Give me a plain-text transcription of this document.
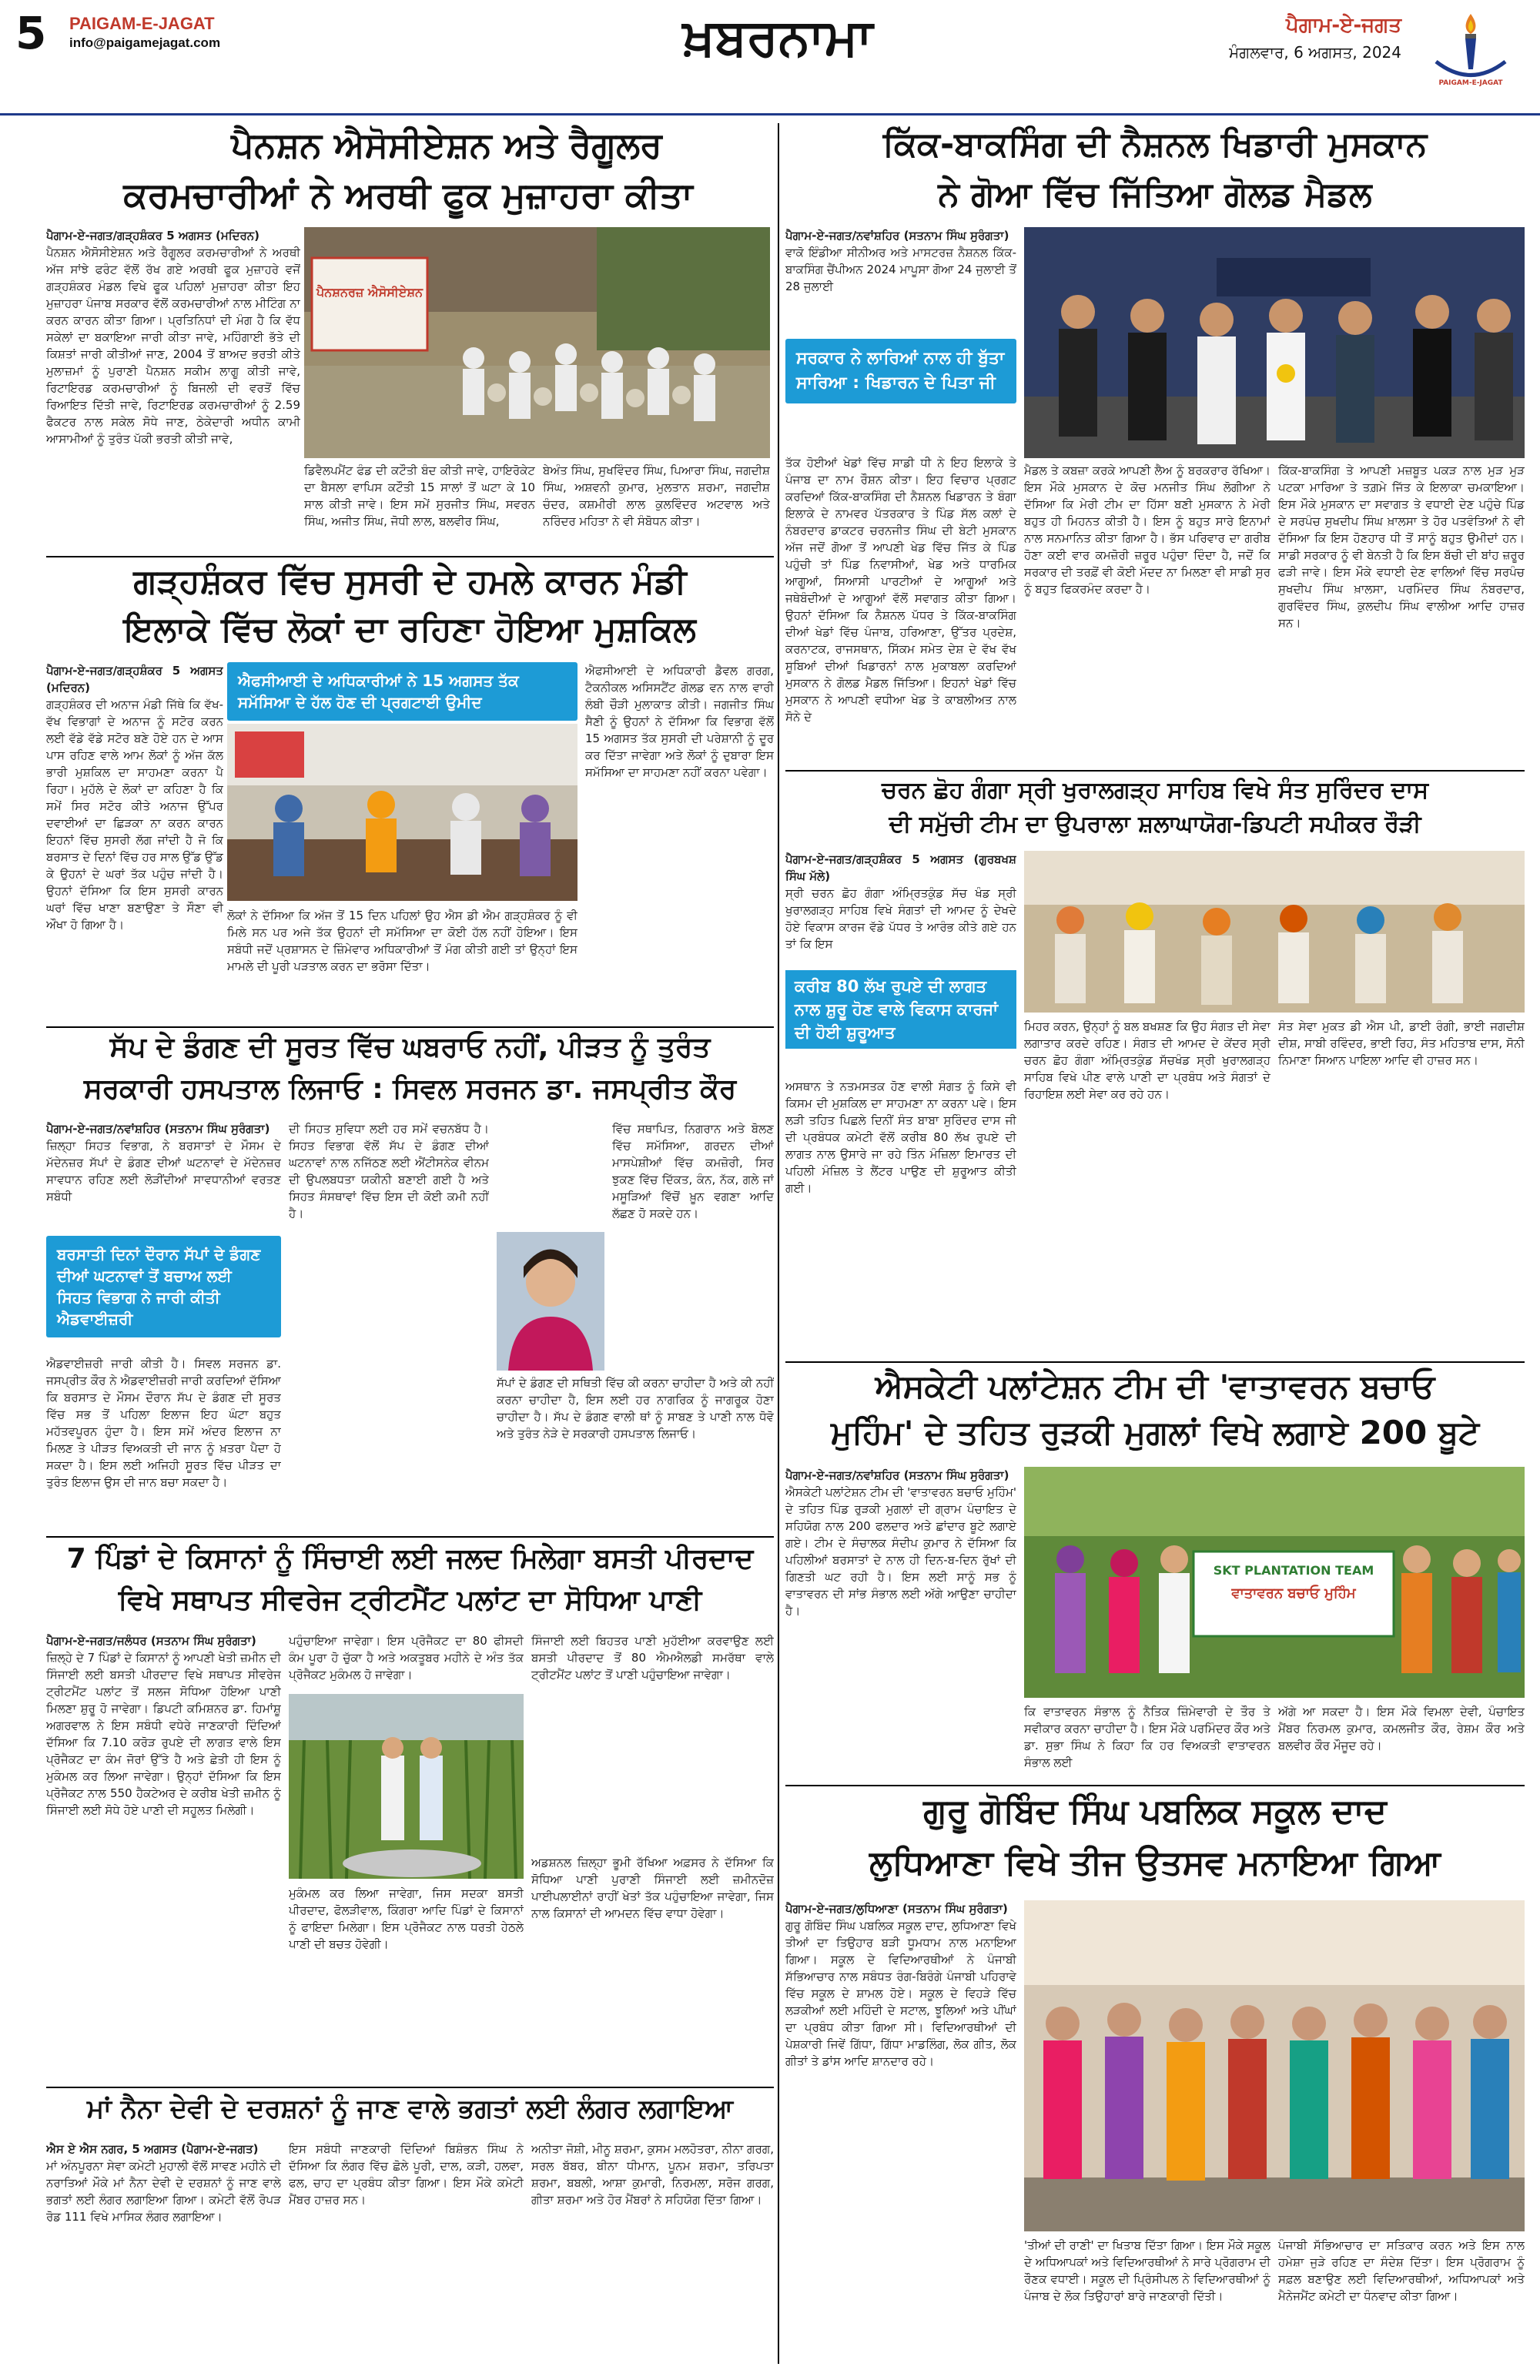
5 PAIGAM-E-JAGAT
info@paigamejagat.com	ਖ਼ਬਰਨਾਮਾ	ਪੈਗਾਮ-ਏ-ਜਗਤ
ਮੰਗਲਵਾਰ, 6 ਅਗਸਤ, 2024
PAIGAM-E-JAGAT
ਪੈਨਸ਼ਨ ਐਸੋਸੀਏਸ਼ਨ ਅਤੇ ਰੈਗੂਲਰ
ਕਰਮਚਾਰੀਆਂ ਨੇ ਅਰਥੀ ਫੂਕ ਮੁਜ਼ਾਹਰਾ ਕੀਤਾ
ਪੈਗਾਮ-ਏ-ਜਗਤ/ਗੜ੍ਹਸ਼ੰਕਰ 5 ਅਗਸਤ (ਮਦਿਰਨ)
ਪੈਨਸ਼ਨ ਐਸੋਸੀਏਸ਼ਨ ਅਤੇ ਰੈਗੂਲਰ ਕਰਮਚਾਰੀਆਂ ਨੇ ਅਰਥੀ ਅੱਜ ਸਾਂਝੇ ਫਰੰਟ ਵੱਲੋਂ ਰੱਖ ਗਏ ਅਰਥੀ ਫੂਕ ਮੁਜ਼ਾਹਰੇ ਵਜੋਂ ਗੜ੍ਹਸ਼ੰਕਰ ਮੰਡਲ ਵਿਖੇ ਫੂਕ ਪਹਿਲਾਂ ਮੁਜ਼ਾਹਰਾ ਕੀਤਾ ਇਹ ਮੁਜ਼ਾਹਰਾ ਪੰਜਾਬ ਸਰਕਾਰ ਵੱਲੋਂ ਕਰਮਚਾਰੀਆਂ ਨਾਲ ਮੀਟਿੰਗ ਨਾ ਕਰਨ ਕਾਰਨ ਕੀਤਾ ਗਿਆ। ਪ੍ਰਤਿਨਿਧਾਂ ਦੀ ਮੰਗ ਹੈ ਕਿ ਵੱਧ ਸਕੇਲਾਂ ਦਾ ਬਕਾਇਆ ਜਾਰੀ ਕੀਤਾ ਜਾਵੇ, ਮਹਿੰਗਾਈ ਭੱਤੇ ਦੀ ਕਿਸ਼ਤਾਂ ਜਾਰੀ ਕੀਤੀਆਂ ਜਾਣ, 2004 ਤੋਂ ਬਾਅਦ ਭਰਤੀ ਕੀਤੇ ਮੁਲਾਜ਼ਮਾਂ ਨੂੰ ਪੁਰਾਣੀ ਪੈਨਸ਼ਨ ਸਕੀਮ ਲਾਗੂ ਕੀਤੀ ਜਾਵੇ, ਰਿਟਾਇਰਡ ਕਰਮਚਾਰੀਆਂ ਨੂੰ ਬਿਜਲੀ ਦੀ ਵਰਤੋਂ ਵਿੱਚ ਰਿਆਇਤ ਦਿੱਤੀ ਜਾਵੇ, ਰਿਟਾਇਰਡ ਕਰਮਚਾਰੀਆਂ ਨੂੰ 2.59 ਫੈਕਟਰ ਨਾਲ ਸਕੇਲ ਸੋਧੇ ਜਾਣ, ਠੇਕੇਦਾਰੀ ਅਧੀਨ ਕਾਮੀ ਆਸਾਮੀਆਂ ਨੂੰ ਤੁਰੰਤ ਪੱਕੀ ਭਰਤੀ ਕੀਤੀ ਜਾਵੇ,
ਪੈਨਸ਼ਨਰਜ਼ ਐਸੋਸੀਏਸ਼ਨ
ਡਿਵੈਲਪਮੈਂਟ ਫੰਡ ਦੀ ਕਟੌਤੀ ਬੰਦ ਕੀਤੀ ਜਾਵੇ, ਹਾਇਰੋਕੇਟ ਦਾ ਬੈਸਲਾ ਵਾਪਿਸ ਕਟੌਤੀ 15 ਸਾਲਾਂ ਤੋਂ ਘਟਾ ਕੇ 10 ਸਾਲ ਕੀਤੀ ਜਾਵੇ। ਇਸ ਸਮੇਂ ਸੁਰਜੀਤ ਸਿੰਘ, ਸਵਰਨ ਸਿੰਘ, ਅਜੀਤ ਸਿੰਘ, ਜੋਧੀ ਲਾਲ, ਬਲਵੀਰ ਸਿੰਘ,
ਬੇਅੰਤ ਸਿੰਘ, ਸੁਖਵਿੰਦਰ ਸਿੰਘ, ਪਿਆਰਾ ਸਿੰਘ, ਜਗਦੀਸ਼ ਸਿੰਘ, ਅਸ਼ਵਨੀ ਕੁਮਾਰ, ਮੁਲਤਾਨ ਸ਼ਰਮਾ, ਜਗਦੀਸ਼ ਚੰਦਰ, ਕਸ਼ਮੀਰੀ ਲਾਲ ਕੁਲਵਿੰਦਰ ਅਟਵਾਲ ਅਤੇ ਨਰਿੰਦਰ ਮਹਿਤਾ ਨੇ ਵੀ ਸੰਬੋਧਨ ਕੀਤਾ।
ਗੜ੍ਹਸ਼ੰਕਰ ਵਿੱਚ ਸੁਸਰੀ ਦੇ ਹਮਲੇ ਕਾਰਨ ਮੰਡੀ
ਇਲਾਕੇ ਵਿੱਚ ਲੋਕਾਂ ਦਾ ਰਹਿਣਾ ਹੋਇਆ ਮੁਸ਼ਕਿਲ
ਪੈਗਾਮ-ਏ-ਜਗਤ/ਗੜ੍ਹਸ਼ੰਕਰ 5 ਅਗਸਤ (ਮਦਿਰਨ)
ਗੜ੍ਹਸ਼ੰਕਰ ਦੀ ਅਨਾਜ ਮੰਡੀ ਜਿੱਥੇ ਕਿ ਵੱਖ-ਵੱਖ ਵਿਭਾਗਾਂ ਦੇ ਅਨਾਜ ਨੂੰ ਸਟੋਰ ਕਰਨ ਲਈ ਵੱਡੇ ਵੱਡੇ ਸਟੋਰ ਬਣੇ ਹੋਏ ਹਨ ਦੇ ਆਸ ਪਾਸ ਰਹਿਣ ਵਾਲੇ ਆਮ ਲੋਕਾਂ ਨੂੰ ਅੱਜ ਕੱਲ ਭਾਰੀ ਮੁਸ਼ਕਿਲ ਦਾ ਸਾਹਮਣਾ ਕਰਨਾ ਪੈ ਰਿਹਾ। ਮੁਹੱਲੇ ਦੇ ਲੋਕਾਂ ਦਾ ਕਹਿਣਾ ਹੈ ਕਿ ਸਮੇਂ ਸਿਰ ਸਟੋਰ ਕੀਤੇ ਅਨਾਜ ਉੱਪਰ ਦਵਾਈਆਂ ਦਾ ਛਿੜਕਾ ਨਾ ਕਰਨ ਕਾਰਨ ਇਹਨਾਂ ਵਿੱਚ ਸੁਸਰੀ ਲੱਗ ਜਾਂਦੀ ਹੈ ਜੋ ਕਿ ਬਰਸਾਤ ਦੇ ਦਿਨਾਂ ਵਿੱਚ ਹਰ ਸਾਲ ਉੱਡ ਉੱਡ ਕੇ ਉਹਨਾਂ ਦੇ ਘਰਾਂ ਤੱਕ ਪਹੁੰਚ ਜਾਂਦੀ ਹੈ। ਉਹਨਾਂ ਦੱਸਿਆ ਕਿ ਇਸ ਸੁਸਰੀ ਕਾਰਨ ਘਰਾਂ ਵਿੱਚ ਖਾਣਾ ਬਣਾਉਣਾ ਤੇ ਸੌਣਾ ਵੀ ਔਖਾ ਹੋ ਗਿਆ ਹੈ।
ਐਫਸੀਆਈ ਦੇ ਅਧਿਕਾਰੀਆਂ ਨੇ 15 ਅਗਸਤ ਤੱਕ ਸਮੱਸਿਆ ਦੇ ਹੱਲ ਹੋਣ ਦੀ ਪ੍ਰਗਟਾਈ ਉਮੀਦ
ਐਫਸੀਆਈ ਦੇ ਅਧਿਕਾਰੀ ਡੈਵਲ ਗਰਗ, ਟੈਕਨੀਕਲ ਅਸਿਸਟੈਂਟ ਗੋਲਡ ਵਨ ਨਾਲ ਵਾਰੀ ਲੰਬੀ ਚੌੜੀ ਮੁਲਾਕਾਤ ਕੀਤੀ। ਜਗਜੀਤ ਸਿੰਘ ਸੈਣੀ ਨੂੰ ਉਹਨਾਂ ਨੇ ਦੱਸਿਆ ਕਿ ਵਿਭਾਗ ਵੱਲੋਂ 15 ਅਗਸਤ ਤੱਕ ਸੁਸਰੀ ਦੀ ਪਰੇਸ਼ਾਨੀ ਨੂੰ ਦੂਰ ਕਰ ਦਿੱਤਾ ਜਾਵੇਗਾ ਅਤੇ ਲੋਕਾਂ ਨੂੰ ਦੁਬਾਰਾ ਇਸ ਸਮੱਸਿਆ ਦਾ ਸਾਹਮਣਾ ਨਹੀਂ ਕਰਨਾ ਪਵੇਗਾ।
ਲੋਕਾਂ ਨੇ ਦੱਸਿਆ ਕਿ ਅੱਜ ਤੋਂ 15 ਦਿਨ ਪਹਿਲਾਂ ਉਹ ਐਸ ਡੀ ਐਮ ਗੜ੍ਹਸ਼ੰਕਰ ਨੂੰ ਵੀ ਮਿਲੇ ਸਨ ਪਰ ਅਜੇ ਤੱਕ ਉਹਨਾਂ ਦੀ ਸਮੱਸਿਆ ਦਾ ਕੋਈ ਹੱਲ ਨਹੀਂ ਹੋਇਆ। ਇਸ ਸਬੰਧੀ ਜਦੋਂ ਪ੍ਰਸ਼ਾਸਨ ਦੇ ਜ਼ਿੰਮੇਵਾਰ ਅਧਿਕਾਰੀਆਂ ਤੋਂ ਮੰਗ ਕੀਤੀ ਗਈ ਤਾਂ ਉਨ੍ਹਾਂ ਇਸ ਮਾਮਲੇ ਦੀ ਪੂਰੀ ਪੜਤਾਲ ਕਰਨ ਦਾ ਭਰੋਸਾ ਦਿੱਤਾ।
ਸੱਪ ਦੇ ਡੰਗਣ ਦੀ ਸੂਰਤ ਵਿੱਚ ਘਬਰਾਓ ਨਹੀਂ, ਪੀੜਤ ਨੂੰ ਤੁਰੰਤ
ਸਰਕਾਰੀ ਹਸਪਤਾਲ ਲਿਜਾਓ : ਸਿਵਲ ਸਰਜਨ ਡਾ. ਜਸਪ੍ਰੀਤ ਕੌਰ
ਪੈਗਾਮ-ਏ-ਜਗਤ/ਨਵਾਂਸ਼ਹਿਰ (ਸਤਨਾਮ ਸਿੰਘ ਸੁਰੰਗਤਾ)
ਜ਼ਿਲ੍ਹਾ ਸਿਹਤ ਵਿਭਾਗ, ਨੇ ਬਰਸਾਤਾਂ ਦੇ ਮੌਸਮ ਦੇ ਮੱਦੇਨਜ਼ਰ ਸੱਪਾਂ ਦੇ ਡੰਗਣ ਦੀਆਂ ਘਟਨਾਵਾਂ ਦੇ ਮੱਦੇਨਜ਼ਰ ਸਾਵਧਾਨ ਰਹਿਣ ਲਈ ਲੋੜੀਂਦੀਆਂ ਸਾਵਧਾਨੀਆਂ ਵਰਤਣ ਸਬੰਧੀ
ਬਰਸਾਤੀ ਦਿਨਾਂ ਦੌਰਾਨ ਸੱਪਾਂ ਦੇ ਡੰਗਣ ਦੀਆਂ ਘਟਨਾਵਾਂ ਤੋਂ ਬਚਾਅ ਲਈ ਸਿਹਤ ਵਿਭਾਗ ਨੇ ਜਾਰੀ ਕੀਤੀ ਐਡਵਾਈਜ਼ਰੀ
ਐਡਵਾਈਜ਼ਰੀ ਜਾਰੀ ਕੀਤੀ ਹੈ। ਸਿਵਲ ਸਰਜਨ ਡਾ. ਜਸਪ੍ਰੀਤ ਕੌਰ ਨੇ ਐਡਵਾਈਜ਼ਰੀ ਜਾਰੀ ਕਰਦਿਆਂ ਦੱਸਿਆ ਕਿ ਬਰਸਾਤ ਦੇ ਮੌਸਮ ਦੌਰਾਨ ਸੱਪ ਦੇ ਡੰਗਣ ਦੀ ਸੂਰਤ ਵਿੱਚ ਸਭ ਤੋਂ ਪਹਿਲਾ ਇਲਾਜ ਇਹ ਘੰਟਾ ਬਹੁਤ ਮਹੱਤਵਪੂਰਨ ਹੁੰਦਾ ਹੈ। ਇਸ ਸਮੇਂ ਅੰਦਰ ਇਲਾਜ ਨਾ ਮਿਲਣ ਤੇ ਪੀੜਤ ਵਿਅਕਤੀ ਦੀ ਜਾਨ ਨੂੰ ਖ਼ਤਰਾ ਪੈਦਾ ਹੋ ਸਕਦਾ ਹੈ। ਇਸ ਲਈ ਅਜਿਹੀ ਸੂਰਤ ਵਿੱਚ ਪੀੜਤ ਦਾ ਤੁਰੰਤ ਇਲਾਜ ਉਸ ਦੀ ਜਾਨ ਬਚਾ ਸਕਦਾ ਹੈ।
ਦੀ ਸਿਹਤ ਸੁਵਿਧਾ ਲਈ ਹਰ ਸਮੇਂ ਵਚਨਬੱਧ ਹੈ। ਸਿਹਤ ਵਿਭਾਗ ਵੱਲੋਂ ਸੱਪ ਦੇ ਡੰਗਣ ਦੀਆਂ ਘਟਨਾਵਾਂ ਨਾਲ ਨਜਿੱਠਣ ਲਈ ਐਂਟੀਸਨੇਕ ਵੀਨਮ ਦੀ ਉਪਲਬਧਤਾ ਯਕੀਨੀ ਬਣਾਈ ਗਈ ਹੈ ਅਤੇ ਸਿਹਤ ਸੰਸਥਾਵਾਂ ਵਿੱਚ ਇਸ ਦੀ ਕੋਈ ਕਮੀ ਨਹੀਂ ਹੈ।
ਵਿੱਚ ਸਥਾਪਿਤ, ਨਿਗਰਾਨ ਅਤੇ ਬੋਲਣ ਵਿੱਚ ਸਮੱਸਿਆ, ਗਰਦਨ ਦੀਆਂ ਮਾਸਪੇਸ਼ੀਆਂ ਵਿੱਚ ਕਮਜ਼ੋਰੀ, ਸਿਰ ਝੁਕਣ ਵਿੱਚ ਦਿੱਕਤ, ਕੰਨ, ਨੱਕ, ਗਲੇ ਜਾਂ ਮਸੂੜਿਆਂ ਵਿੱਚੋਂ ਖ਼ੂਨ ਵਗਣਾ ਆਦਿ ਲੱਛਣ ਹੋ ਸਕਦੇ ਹਨ।
ਸੱਪਾਂ ਦੇ ਡੰਗਣ ਦੀ ਸਥਿਤੀ ਵਿੱਚ ਕੀ ਕਰਨਾ ਚਾਹੀਦਾ ਹੈ ਅਤੇ ਕੀ ਨਹੀਂ ਕਰਨਾ ਚਾਹੀਦਾ ਹੈ, ਇਸ ਲਈ ਹਰ ਨਾਗਰਿਕ ਨੂੰ ਜਾਗਰੂਕ ਹੋਣਾ ਚਾਹੀਦਾ ਹੈ। ਸੱਪ ਦੇ ਡੰਗਣ ਵਾਲੀ ਥਾਂ ਨੂੰ ਸਾਬਣ ਤੇ ਪਾਣੀ ਨਾਲ ਧੋਵੋ ਅਤੇ ਤੁਰੰਤ ਨੇੜੇ ਦੇ ਸਰਕਾਰੀ ਹਸਪਤਾਲ ਲਿਜਾਓ।
7 ਪਿੰਡਾਂ ਦੇ ਕਿਸਾਨਾਂ ਨੂੰ ਸਿੰਚਾਈ ਲਈ ਜਲਦ ਮਿਲੇਗਾ ਬਸਤੀ ਪੀਰਦਾਦ
ਵਿਖੇ ਸਥਾਪਤ ਸੀਵਰੇਜ ਟ੍ਰੀਟਮੈਂਟ ਪਲਾਂਟ ਦਾ ਸੋਧਿਆ ਪਾਣੀ
ਪੈਗਾਮ-ਏ-ਜਗਤ/ਜਲੰਧਰ (ਸਤਨਾਮ ਸਿੰਘ ਸੁਰੰਗਤਾ)
ਜ਼ਿਲ੍ਹੇ ਦੇ 7 ਪਿੰਡਾਂ ਦੇ ਕਿਸਾਨਾਂ ਨੂੰ ਆਪਣੀ ਖੇਤੀ ਜ਼ਮੀਨ ਦੀ ਸਿੰਜਾਈ ਲਈ ਬਸਤੀ ਪੀਰਦਾਦ ਵਿਖੇ ਸਥਾਪਤ ਸੀਵਰੇਜ ਟ੍ਰੀਟਮੈਂਟ ਪਲਾਂਟ ਤੋਂ ਸਲਜ ਸੋਧਿਆ ਹੋਇਆ ਪਾਣੀ ਮਿਲਣਾ ਸ਼ੁਰੂ ਹੋ ਜਾਵੇਗਾ। ਡਿਪਟੀ ਕਮਿਸ਼ਨਰ ਡਾ. ਹਿਮਾਂਸ਼ੂ ਅਗਰਵਾਲ ਨੇ ਇਸ ਸਬੰਧੀ ਵਧੇਰੇ ਜਾਣਕਾਰੀ ਦਿੰਦਿਆਂ ਦੱਸਿਆ ਕਿ 7.10 ਕਰੋੜ ਰੁਪਏ ਦੀ ਲਾਗਤ ਵਾਲੇ ਇਸ ਪ੍ਰੋਜੈਕਟ ਦਾ ਕੰਮ ਜੋਰਾਂ ਉੱਤੇ ਹੈ ਅਤੇ ਛੇਤੀ ਹੀ ਇਸ ਨੂੰ ਮੁਕੰਮਲ ਕਰ ਲਿਆ ਜਾਵੇਗਾ। ਉਨ੍ਹਾਂ ਦੱਸਿਆ ਕਿ ਇਸ ਪ੍ਰੋਜੈਕਟ ਨਾਲ 550 ਹੈਕਟੇਅਰ ਦੇ ਕਰੀਬ ਖੇਤੀ ਜ਼ਮੀਨ ਨੂੰ ਸਿੰਜਾਈ ਲਈ ਸੋਧੇ ਹੋਏ ਪਾਣੀ ਦੀ ਸਹੂਲਤ ਮਿਲੇਗੀ।
ਪਹੁੰਚਾਇਆ ਜਾਵੇਗਾ। ਇਸ ਪ੍ਰੋਜੈਕਟ ਦਾ 80 ਫੀਸਦੀ ਕੰਮ ਪੂਰਾ ਹੋ ਚੁੱਕਾ ਹੈ ਅਤੇ ਅਕਤੂਬਰ ਮਹੀਨੇ ਦੇ ਅੰਤ ਤੱਕ ਪ੍ਰੋਜੈਕਟ ਮੁਕੰਮਲ ਹੋ ਜਾਵੇਗਾ।
ਸਿੰਜਾਈ ਲਈ ਬਿਹਤਰ ਪਾਣੀ ਮੁਹੱਈਆ ਕਰਵਾਉਣ ਲਈ ਬਸਤੀ ਪੀਰਦਾਦ ਤੋਂ 80 ਐਮਐਲਡੀ ਸਮਰੱਥਾ ਵਾਲੇ ਟ੍ਰੀਟਮੈਂਟ ਪਲਾਂਟ ਤੋਂ ਪਾਣੀ ਪਹੁੰਚਾਇਆ ਜਾਵੇਗਾ।
ਮੁਕੰਮਲ ਕਰ ਲਿਆ ਜਾਵੇਗਾ, ਜਿਸ ਸਦਕਾ ਬਸਤੀ ਪੀਰਦਾਦ, ਫੋਲੜੀਵਾਲ, ਕਿੰਗਰਾ ਆਦਿ ਪਿੰਡਾਂ ਦੇ ਕਿਸਾਨਾਂ ਨੂੰ ਫਾਇਦਾ ਮਿਲੇਗਾ। ਇਸ ਪ੍ਰੋਜੈਕਟ ਨਾਲ ਧਰਤੀ ਹੇਠਲੇ ਪਾਣੀ ਦੀ ਬਚਤ ਹੋਵੇਗੀ।
ਅਡਸ਼ਨਲ ਜ਼ਿਲ੍ਹਾ ਭੂਮੀ ਰੱਖਿਆ ਅਫ਼ਸਰ ਨੇ ਦੱਸਿਆ ਕਿ ਸੋਧਿਆ ਪਾਣੀ ਪੁਰਾਣੀ ਸਿੰਜਾਈ ਲਈ ਜ਼ਮੀਨਦੋਜ਼ ਪਾਈਪਲਾਈਨਾਂ ਰਾਹੀਂ ਖੇਤਾਂ ਤੱਕ ਪਹੁੰਚਾਇਆ ਜਾਵੇਗਾ, ਜਿਸ ਨਾਲ ਕਿਸਾਨਾਂ ਦੀ ਆਮਦਨ ਵਿੱਚ ਵਾਧਾ ਹੋਵੇਗਾ।
ਮਾਂ ਨੈਨਾ ਦੇਵੀ ਦੇ ਦਰਸ਼ਨਾਂ ਨੂੰ ਜਾਣ ਵਾਲੇ ਭਗਤਾਂ ਲਈ ਲੰਗਰ ਲਗਾਇਆ
ਐਸ ਏ ਐਸ ਨਗਰ, 5 ਅਗਸਤ (ਪੈਗਾਮ-ਏ-ਜਗਤ)
ਮਾਂ ਅੰਨਪੂਰਨਾ ਸੇਵਾ ਕਮੇਟੀ ਮੁਹਾਲੀ ਵੱਲੋਂ ਸਾਵਣ ਮਹੀਨੇ ਦੀ ਨਰਾਤਿਆਂ ਮੌਕੇ ਮਾਂ ਨੈਨਾ ਦੇਵੀ ਦੇ ਦਰਸ਼ਨਾਂ ਨੂੰ ਜਾਣ ਵਾਲੇ ਭਗਤਾਂ ਲਈ ਲੰਗਰ ਲਗਾਇਆ ਗਿਆ। ਕਮੇਟੀ ਵੱਲੋਂ ਰੋਪੜ ਰੋਡ 111 ਵਿਖੇ ਮਾਸਿਕ ਲੰਗਰ ਲਗਾਇਆ।
ਇਸ ਸਬੰਧੀ ਜਾਣਕਾਰੀ ਦਿੰਦਿਆਂ ਬਿਸ਼ੰਭਨ ਸਿੰਘ ਨੇ ਦੱਸਿਆ ਕਿ ਲੰਗਰ ਵਿੱਚ ਛੋਲੇ ਪੂਰੀ, ਦਾਲ, ਕੜੀ, ਹਲਵਾ, ਫਲ, ਚਾਹ ਦਾ ਪ੍ਰਬੰਧ ਕੀਤਾ ਗਿਆ। ਇਸ ਮੌਕੇ ਕਮੇਟੀ ਮੈਂਬਰ ਹਾਜ਼ਰ ਸਨ।
ਅਨੀਤਾ ਜੋਸ਼ੀ, ਮੀਨੂ ਸ਼ਰਮਾ, ਕੁਸਮ ਮਲਹੋਤਰਾ, ਨੀਨਾ ਗਰਗ, ਸਰਲ ਬੱਬਰ, ਬੀਨਾ ਧੀਮਾਨ, ਪੂਨਮ ਸ਼ਰਮਾ, ਤਰਿਪਤਾ ਸ਼ਰਮਾ, ਬਬਲੀ, ਆਸ਼ਾ ਕੁਮਾਰੀ, ਨਿਰਮਲਾ, ਸਰੋਜ ਗਰਗ, ਗੀਤਾ ਸ਼ਰਮਾ ਅਤੇ ਹੋਰ ਮੈਂਬਰਾਂ ਨੇ ਸਹਿਯੋਗ ਦਿੱਤਾ ਗਿਆ।
ਕਿੱਕ-ਬਾਕਸਿੰਗ ਦੀ ਨੈਸ਼ਨਲ ਖਿਡਾਰੀ ਮੁਸਕਾਨ
ਨੇ ਗੋਆ ਵਿੱਚ ਜਿੱਤਿਆ ਗੋਲਡ ਮੈਡਲ
ਪੈਗਾਮ-ਏ-ਜਗਤ/ਨਵਾਂਸ਼ਹਿਰ (ਸਤਨਾਮ ਸਿੰਘ ਸੁਰੰਗਤਾ)
ਵਾਕੋ ਇੰਡੀਆ ਸੀਨੀਅਰ ਅਤੇ ਮਾਸਟਰਜ਼ ਨੈਸ਼ਨਲ ਕਿੱਕ-ਬਾਕਸਿੰਗ ਚੈਂਪੀਅਨ 2024 ਮਾਪੂਸਾ ਗੋਆ 24 ਜੁਲਾਈ ਤੋਂ 28 ਜੁਲਾਈ
ਸਰਕਾਰ ਨੇ ਲਾਰਿਆਂ ਨਾਲ ਹੀ ਬੁੱਤਾ ਸਾਰਿਆ : ਖਿਡਾਰਨ ਦੇ ਪਿਤਾ ਜੀ
ਤੱਕ ਹੋਈਆਂ ਖੇਡਾਂ ਵਿੱਚ ਸਾਡੀ ਧੀ ਨੇ ਇਹ ਇਲਾਕੇ ਤੇ ਪੰਜਾਬ ਦਾ ਨਾਮ ਰੌਸ਼ਨ ਕੀਤਾ। ਇਹ ਵਿਚਾਰ ਪ੍ਰਗਟ ਕਰਦਿਆਂ ਕਿੱਕ-ਬਾਕਸਿੰਗ ਦੀ ਨੈਸ਼ਨਲ ਖਿਡਾਰਨ ਤੇ ਬੰਗਾ ਇਲਾਕੇ ਦੇ ਨਾਮਵਰ ਪੱਤਰਕਾਰ ਤੇ ਪਿੰਡ ਸੱਲ ਕਲਾਂ ਦੇ ਨੰਬਰਦਾਰ ਡਾਕਟਰ ਚਰਨਜੀਤ ਸਿੰਘ ਦੀ ਬੇਟੀ ਮੁਸਕਾਨ ਅੱਜ ਜਦੋਂ ਗੋਆ ਤੋਂ ਆਪਣੀ ਖੇਡ ਵਿੱਚ ਜਿੱਤ ਕੇ ਪਿੰਡ ਪਹੁੰਚੀ ਤਾਂ ਪਿੰਡ ਨਿਵਾਸੀਆਂ, ਖੇਡ ਅਤੇ ਧਾਰਮਿਕ ਆਗੂਆਂ, ਸਿਆਸੀ ਪਾਰਟੀਆਂ ਦੇ ਆਗੂਆਂ ਅਤੇ ਜਥੇਬੰਦੀਆਂ ਦੇ ਆਗੂਆਂ ਵੱਲੋਂ ਸਵਾਗਤ ਕੀਤਾ ਗਿਆ। ਉਹਨਾਂ ਦੱਸਿਆ ਕਿ ਨੈਸ਼ਨਲ ਪੱਧਰ ਤੇ ਕਿੱਕ-ਬਾਕਸਿੰਗ ਦੀਆਂ ਖੇਡਾਂ ਵਿੱਚ ਪੰਜਾਬ, ਹਰਿਆਣਾ, ਉੱਤਰ ਪ੍ਰਦੇਸ਼, ਕਰਨਾਟਕ, ਰਾਜਸਥਾਨ, ਸਿੱਕਮ ਸਮੇਤ ਦੇਸ਼ ਦੇ ਵੱਖ ਵੱਖ ਸੂਬਿਆਂ ਦੀਆਂ ਖਿਡਾਰਨਾਂ ਨਾਲ ਮੁਕਾਬਲਾ ਕਰਦਿਆਂ ਮੁਸਕਾਨ ਨੇ ਗੋਲਡ ਮੈਡਲ ਜਿੱਤਿਆ। ਇਹਨਾਂ ਖੇਡਾਂ ਵਿੱਚ ਮੁਸਕਾਨ ਨੇ ਆਪਣੀ ਵਧੀਆ ਖੇਡ ਤੇ ਕਾਬਲੀਅਤ ਨਾਲ ਸੋਨੇ ਦੇ
ਮੈਡਲ ਤੇ ਕਬਜ਼ਾ ਕਰਕੇ ਆਪਣੀ ਲੈਅ ਨੂੰ ਬਰਕਰਾਰ ਰੱਖਿਆ। ਇਸ ਮੌਕੇ ਮੁਸਕਾਨ ਦੇ ਕੋਚ ਮਨਜੀਤ ਸਿੰਘ ਲੋਗੀਆ ਨੇ ਦੱਸਿਆ ਕਿ ਮੇਰੀ ਟੀਮ ਦਾ ਹਿੱਸਾ ਬਣੀ ਮੁਸਕਾਨ ਨੇ ਮੇਰੀ ਬਹੁਤ ਹੀ ਮਿਹਨਤ ਕੀਤੀ ਹੈ। ਇਸ ਨੂੰ ਬਹੁਤ ਸਾਰੇ ਇਨਾਮਾਂ ਨਾਲ ਸਨਮਾਨਿਤ ਕੀਤਾ ਗਿਆ ਹੈ। ਭੱਸ ਪਰਿਵਾਰ ਦਾ ਗਰੀਬ ਹੋਣਾ ਕਈ ਵਾਰ ਕਮਜ਼ੋਰੀ ਜ਼ਰੂਰ ਪਹੁੰਚਾ ਦਿੰਦਾ ਹੈ, ਜਦੋਂ ਕਿ ਸਰਕਾਰ ਦੀ ਤਰਫ਼ੋਂ ਵੀ ਕੋਈ ਮੱਦਦ ਨਾ ਮਿਲਣਾ ਵੀ ਸਾਡੀ ਸੁਰ ਨੂੰ ਬਹੁਤ ਫਿਕਰਮੰਦ ਕਰਦਾ ਹੈ।
ਕਿੱਕ-ਬਾਕਸਿੰਗ ਤੇ ਆਪਣੀ ਮਜ਼ਬੂਤ ਪਕੜ ਨਾਲ ਮੁੜ ਮੁੜ ਪਟਕਾ ਮਾਰਿਆ ਤੇ ਤਗ਼ਮੇ ਜਿੱਤ ਕੇ ਇਲਾਕਾ ਚਮਕਾਇਆ। ਇਸ ਮੌਕੇ ਮੁਸਕਾਨ ਦਾ ਸਵਾਗਤ ਤੇ ਵਧਾਈ ਦੇਣ ਪਹੁੰਚੇ ਪਿੰਡ ਦੇ ਸਰਪੰਚ ਸੁਖਦੀਪ ਸਿੰਘ ਖ਼ਾਲਸਾ ਤੇ ਹੋਰ ਪਤਵੰਤਿਆਂ ਨੇ ਵੀ ਦੱਸਿਆ ਕਿ ਇਸ ਹੋਣਹਾਰ ਧੀ ਤੋਂ ਸਾਨੂੰ ਬਹੁਤ ਉਮੀਦਾਂ ਹਨ। ਸਾਡੀ ਸਰਕਾਰ ਨੂੰ ਵੀ ਬੇਨਤੀ ਹੈ ਕਿ ਇਸ ਬੱਚੀ ਦੀ ਬਾਂਹ ਜ਼ਰੂਰ ਫੜੀ ਜਾਵੇ। ਇਸ ਮੌਕੇ ਵਧਾਈ ਦੇਣ ਵਾਲਿਆਂ ਵਿੱਚ ਸਰਪੰਚ ਸੁਖਦੀਪ ਸਿੰਘ ਖ਼ਾਲਸਾ, ਪਰਮਿੰਦਰ ਸਿੰਘ ਨੰਬਰਦਾਰ, ਗੁਰਵਿੰਦਰ ਸਿੰਘ, ਕੁਲਦੀਪ ਸਿੰਘ ਵਾਲੀਆ ਆਦਿ ਹਾਜ਼ਰ ਸਨ।
ਚਰਨ ਛੋਹ ਗੰਗਾ ਸ੍ਰੀ ਖੁਰਾਲਗੜ੍ਹ ਸਾਹਿਬ ਵਿਖੇ ਸੰਤ ਸੁਰਿੰਦਰ ਦਾਸ
ਦੀ ਸਮੁੱਚੀ ਟੀਮ ਦਾ ਉਪਰਾਲਾ ਸ਼ਲਾਘਾਯੋਗ-ਡਿਪਟੀ ਸਪੀਕਰ ਰੌੜੀ
ਪੈਗਾਮ-ਏ-ਜਗਤ/ਗੜ੍ਹਸ਼ੰਕਰ 5 ਅਗਸਤ (ਗੁਰਬਖਸ਼ ਸਿੰਘ ਮੱਲੇ)
ਸ੍ਰੀ ਚਰਨ ਛੋਹ ਗੰਗਾ ਅੰਮ੍ਰਿਤਕੁੰਡ ਸੱਚ ਖੰਡ ਸ੍ਰੀ ਖੁਰਾਲਗੜ੍ਹ ਸਾਹਿਬ ਵਿਖੇ ਸੰਗਤਾਂ ਦੀ ਆਮਦ ਨੂੰ ਦੇਖਦੇ ਹੋਏ ਵਿਕਾਸ ਕਾਰਜ ਵੱਡੇ ਪੱਧਰ ਤੇ ਆਰੰਭ ਕੀਤੇ ਗਏ ਹਨ ਤਾਂ ਕਿ ਇਸ
ਕਰੀਬ 80 ਲੱਖ ਰੁਪਏ ਦੀ ਲਾਗਤ ਨਾਲ ਸ਼ੁਰੂ ਹੋਣ ਵਾਲੇ ਵਿਕਾਸ ਕਾਰਜਾਂ ਦੀ ਹੋਈ ਸ਼ੁਰੂਆਤ
ਅਸਥਾਨ ਤੇ ਨਤਮਸਤਕ ਹੋਣ ਵਾਲੀ ਸੰਗਤ ਨੂੰ ਕਿਸੇ ਵੀ ਕਿਸਮ ਦੀ ਮੁਸ਼ਕਿਲ ਦਾ ਸਾਹਮਣਾ ਨਾ ਕਰਨਾ ਪਵੇ। ਇਸ ਲੜੀ ਤਹਿਤ ਪਿਛਲੇ ਦਿਨੀਂ ਸੰਤ ਬਾਬਾ ਸੁਰਿੰਦਰ ਦਾਸ ਜੀ ਦੀ ਪ੍ਰਬੰਧਕ ਕਮੇਟੀ ਵੱਲੋਂ ਕਰੀਬ 80 ਲੱਖ ਰੁਪਏ ਦੀ ਲਾਗਤ ਨਾਲ ਉਸਾਰੇ ਜਾ ਰਹੇ ਤਿੰਨ ਮੰਜ਼ਿਲਾ ਇਮਾਰਤ ਦੀ ਪਹਿਲੀ ਮੰਜ਼ਿਲ ਤੇ ਲੈਂਟਰ ਪਾਉਣ ਦੀ ਸ਼ੁਰੂਆਤ ਕੀਤੀ ਗਈ।
ਮਿਹਰ ਕਰਨ, ਉਨ੍ਹਾਂ ਨੂੰ ਬਲ ਬਖਸ਼ਣ ਕਿ ਉਹ ਸੰਗਤ ਦੀ ਸੇਵਾ ਲਗਾਤਾਰ ਕਰਦੇ ਰਹਿਣ। ਸੰਗਤ ਦੀ ਆਮਦ ਦੇ ਕੇਂਦਰ ਸ੍ਰੀ ਚਰਨ ਛੋਹ ਗੰਗਾ ਅੰਮ੍ਰਿਤਕੁੰਡ ਸੱਚਖੰਡ ਸ੍ਰੀ ਖੁਰਾਲਗੜ੍ਹ ਸਾਹਿਬ ਵਿਖੇ ਪੀਣ ਵਾਲੇ ਪਾਣੀ ਦਾ ਪ੍ਰਬੰਧ ਅਤੇ ਸੰਗਤਾਂ ਦੇ ਰਿਹਾਇਸ਼ ਲਈ ਸੇਵਾ ਕਰ ਰਹੇ ਹਨ।
ਸੰਤ ਸੇਵਾ ਮੁਕਤ ਡੀ ਐਸ ਪੀ, ਡਾਈ ਰੰਗੀ, ਭਾਈ ਜਗਦੀਸ਼ ਦੀਸ਼, ਸਾਬੀ ਰਵਿੰਦਰ, ਭਾਈ ਰਿਹ, ਸੰਤ ਮਹਿਤਾਬ ਦਾਸ, ਸੋਨੀ ਨਿਮਾਣਾ ਸਿਆਨ ਪਾਇਲਾ ਆਦਿ ਵੀ ਹਾਜ਼ਰ ਸਨ।
ਐਸਕੇਟੀ ਪਲਾਂਟੇਸ਼ਨ ਟੀਮ ਦੀ 'ਵਾਤਾਵਰਨ ਬਚਾਓ
ਮੁਹਿੰਮ' ਦੇ ਤਹਿਤ ਰੁੜਕੀ ਮੁਗਲਾਂ ਵਿਖੇ ਲਗਾਏ 200 ਬੂਟੇ
ਪੈਗਾਮ-ਏ-ਜਗਤ/ਨਵਾਂਸ਼ਹਿਰ (ਸਤਨਾਮ ਸਿੰਘ ਸੁਰੰਗਤਾ)
ਐਸਕੇਟੀ ਪਲਾਂਟੇਸ਼ਨ ਟੀਮ ਦੀ 'ਵਾਤਾਵਰਨ ਬਚਾਓ ਮੁਹਿੰਮ' ਦੇ ਤਹਿਤ ਪਿੰਡ ਰੁੜਕੀ ਮੁਗਲਾਂ ਦੀ ਗ੍ਰਾਮ ਪੰਚਾਇਤ ਦੇ ਸਹਿਯੋਗ ਨਾਲ 200 ਫਲਦਾਰ ਅਤੇ ਛਾਂਦਾਰ ਬੂਟੇ ਲਗਾਏ ਗਏ। ਟੀਮ ਦੇ ਸੰਚਾਲਕ ਸੰਦੀਪ ਕੁਮਾਰ ਨੇ ਦੱਸਿਆ ਕਿ ਪਹਿਲੀਆਂ ਬਰਸਾਤਾਂ ਦੇ ਨਾਲ ਹੀ ਦਿਨ-ਬ-ਦਿਨ ਰੁੱਖਾਂ ਦੀ ਗਿਣਤੀ ਘਟ ਰਹੀ ਹੈ। ਇਸ ਲਈ ਸਾਨੂੰ ਸਭ ਨੂੰ ਵਾਤਾਵਰਨ ਦੀ ਸਾਂਭ ਸੰਭਾਲ ਲਈ ਅੱਗੇ ਆਉਣਾ ਚਾਹੀਦਾ ਹੈ।
SKT PLANTATION TEAM
ਵਾਤਾਵਰਨ ਬਚਾਓ ਮੁਹਿੰਮ
ਕਿ ਵਾਤਾਵਰਨ ਸੰਭਾਲ ਨੂੰ ਨੈਤਿਕ ਜ਼ਿੰਮੇਵਾਰੀ ਦੇ ਤੌਰ ਤੇ ਸਵੀਕਾਰ ਕਰਨਾ ਚਾਹੀਦਾ ਹੈ। ਇਸ ਮੌਕੇ ਪਰਮਿੰਦਰ ਕੌਰ ਅਤੇ ਡਾ. ਸੁਭਾ ਸਿੰਘ ਨੇ ਕਿਹਾ ਕਿ ਹਰ ਵਿਅਕਤੀ ਵਾਤਾਵਰਨ ਸੰਭਾਲ ਲਈ
ਅੱਗੇ ਆ ਸਕਦਾ ਹੈ। ਇਸ ਮੌਕੇ ਵਿਮਲਾ ਦੇਵੀ, ਪੰਚਾਇਤ ਮੈਂਬਰ ਨਿਰਮਲ ਕੁਮਾਰ, ਕਮਲਜੀਤ ਕੌਰ, ਰੇਸ਼ਮ ਕੌਰ ਅਤੇ ਬਲਵੀਰ ਕੌਰ ਮੌਜੂਦ ਰਹੇ।
ਗੁਰੂ ਗੋਬਿੰਦ ਸਿੰਘ ਪਬਲਿਕ ਸਕੂਲ ਦਾਦ
ਲੁਧਿਆਣਾ ਵਿਖੇ ਤੀਜ ਉਤਸਵ ਮਨਾਇਆ ਗਿਆ
ਪੈਗਾਮ-ਏ-ਜਗਤ/ਲੁਧਿਆਣਾ (ਸਤਨਾਮ ਸਿੰਘ ਸੁਰੰਗਤਾ)
ਗੁਰੂ ਗੋਬਿੰਦ ਸਿੰਘ ਪਬਲਿਕ ਸਕੂਲ ਦਾਦ, ਲੁਧਿਆਣਾ ਵਿਖੇ ਤੀਆਂ ਦਾ ਤਿਉਹਾਰ ਬੜੀ ਧੂਮਧਾਮ ਨਾਲ ਮਨਾਇਆ ਗਿਆ। ਸਕੂਲ ਦੇ ਵਿਦਿਆਰਥੀਆਂ ਨੇ ਪੰਜਾਬੀ ਸੱਭਿਆਚਾਰ ਨਾਲ ਸਬੰਧਤ ਰੰਗ-ਬਿਰੰਗੇ ਪੰਜਾਬੀ ਪਹਿਰਾਵੇ ਵਿੱਚ ਸਕੂਲ ਦੇ ਸ਼ਾਮਲ ਹੋਏ। ਸਕੂਲ ਦੇ ਵਿਹੜੇ ਵਿੱਚ ਲੜਕੀਆਂ ਲਈ ਮਹਿੰਦੀ ਦੇ ਸਟਾਲ, ਝੂਲਿਆਂ ਅਤੇ ਪੀਂਘਾਂ ਦਾ ਪ੍ਰਬੰਧ ਕੀਤਾ ਗਿਆ ਸੀ। ਵਿਦਿਆਰਥੀਆਂ ਦੀ ਪੇਸ਼ਕਾਰੀ ਜਿਵੇਂ ਗਿੱਧਾ, ਗਿੱਧਾ ਮਾਡਲਿੰਗ, ਲੋਕ ਗੀਤ, ਲੋਕ ਗੀਤਾਂ ਤੇ ਡਾਂਸ ਆਦਿ ਸ਼ਾਨਦਾਰ ਰਹੇ।
'ਤੀਆਂ ਦੀ ਰਾਣੀ' ਦਾ ਖਿਤਾਬ ਦਿੱਤਾ ਗਿਆ। ਇਸ ਮੌਕੇ ਸਕੂਲ ਦੇ ਅਧਿਆਪਕਾਂ ਅਤੇ ਵਿਦਿਆਰਥੀਆਂ ਨੇ ਸਾਰੇ ਪ੍ਰੋਗਰਾਮ ਦੀ ਰੌਣਕ ਵਧਾਈ। ਸਕੂਲ ਦੀ ਪ੍ਰਿੰਸੀਪਲ ਨੇ ਵਿਦਿਆਰਥੀਆਂ ਨੂੰ ਪੰਜਾਬ ਦੇ ਲੋਕ ਤਿਉਹਾਰਾਂ ਬਾਰੇ ਜਾਣਕਾਰੀ ਦਿੱਤੀ।
ਪੰਜਾਬੀ ਸੱਭਿਆਚਾਰ ਦਾ ਸਤਿਕਾਰ ਕਰਨ ਅਤੇ ਇਸ ਨਾਲ ਹਮੇਸ਼ਾ ਜੁੜੇ ਰਹਿਣ ਦਾ ਸੰਦੇਸ਼ ਦਿੱਤਾ। ਇਸ ਪ੍ਰੋਗਰਾਮ ਨੂੰ ਸਫ਼ਲ ਬਣਾਉਣ ਲਈ ਵਿਦਿਆਰਥੀਆਂ, ਅਧਿਆਪਕਾਂ ਅਤੇ ਮੈਨੇਜਮੈਂਟ ਕਮੇਟੀ ਦਾ ਧੰਨਵਾਦ ਕੀਤਾ ਗਿਆ।
